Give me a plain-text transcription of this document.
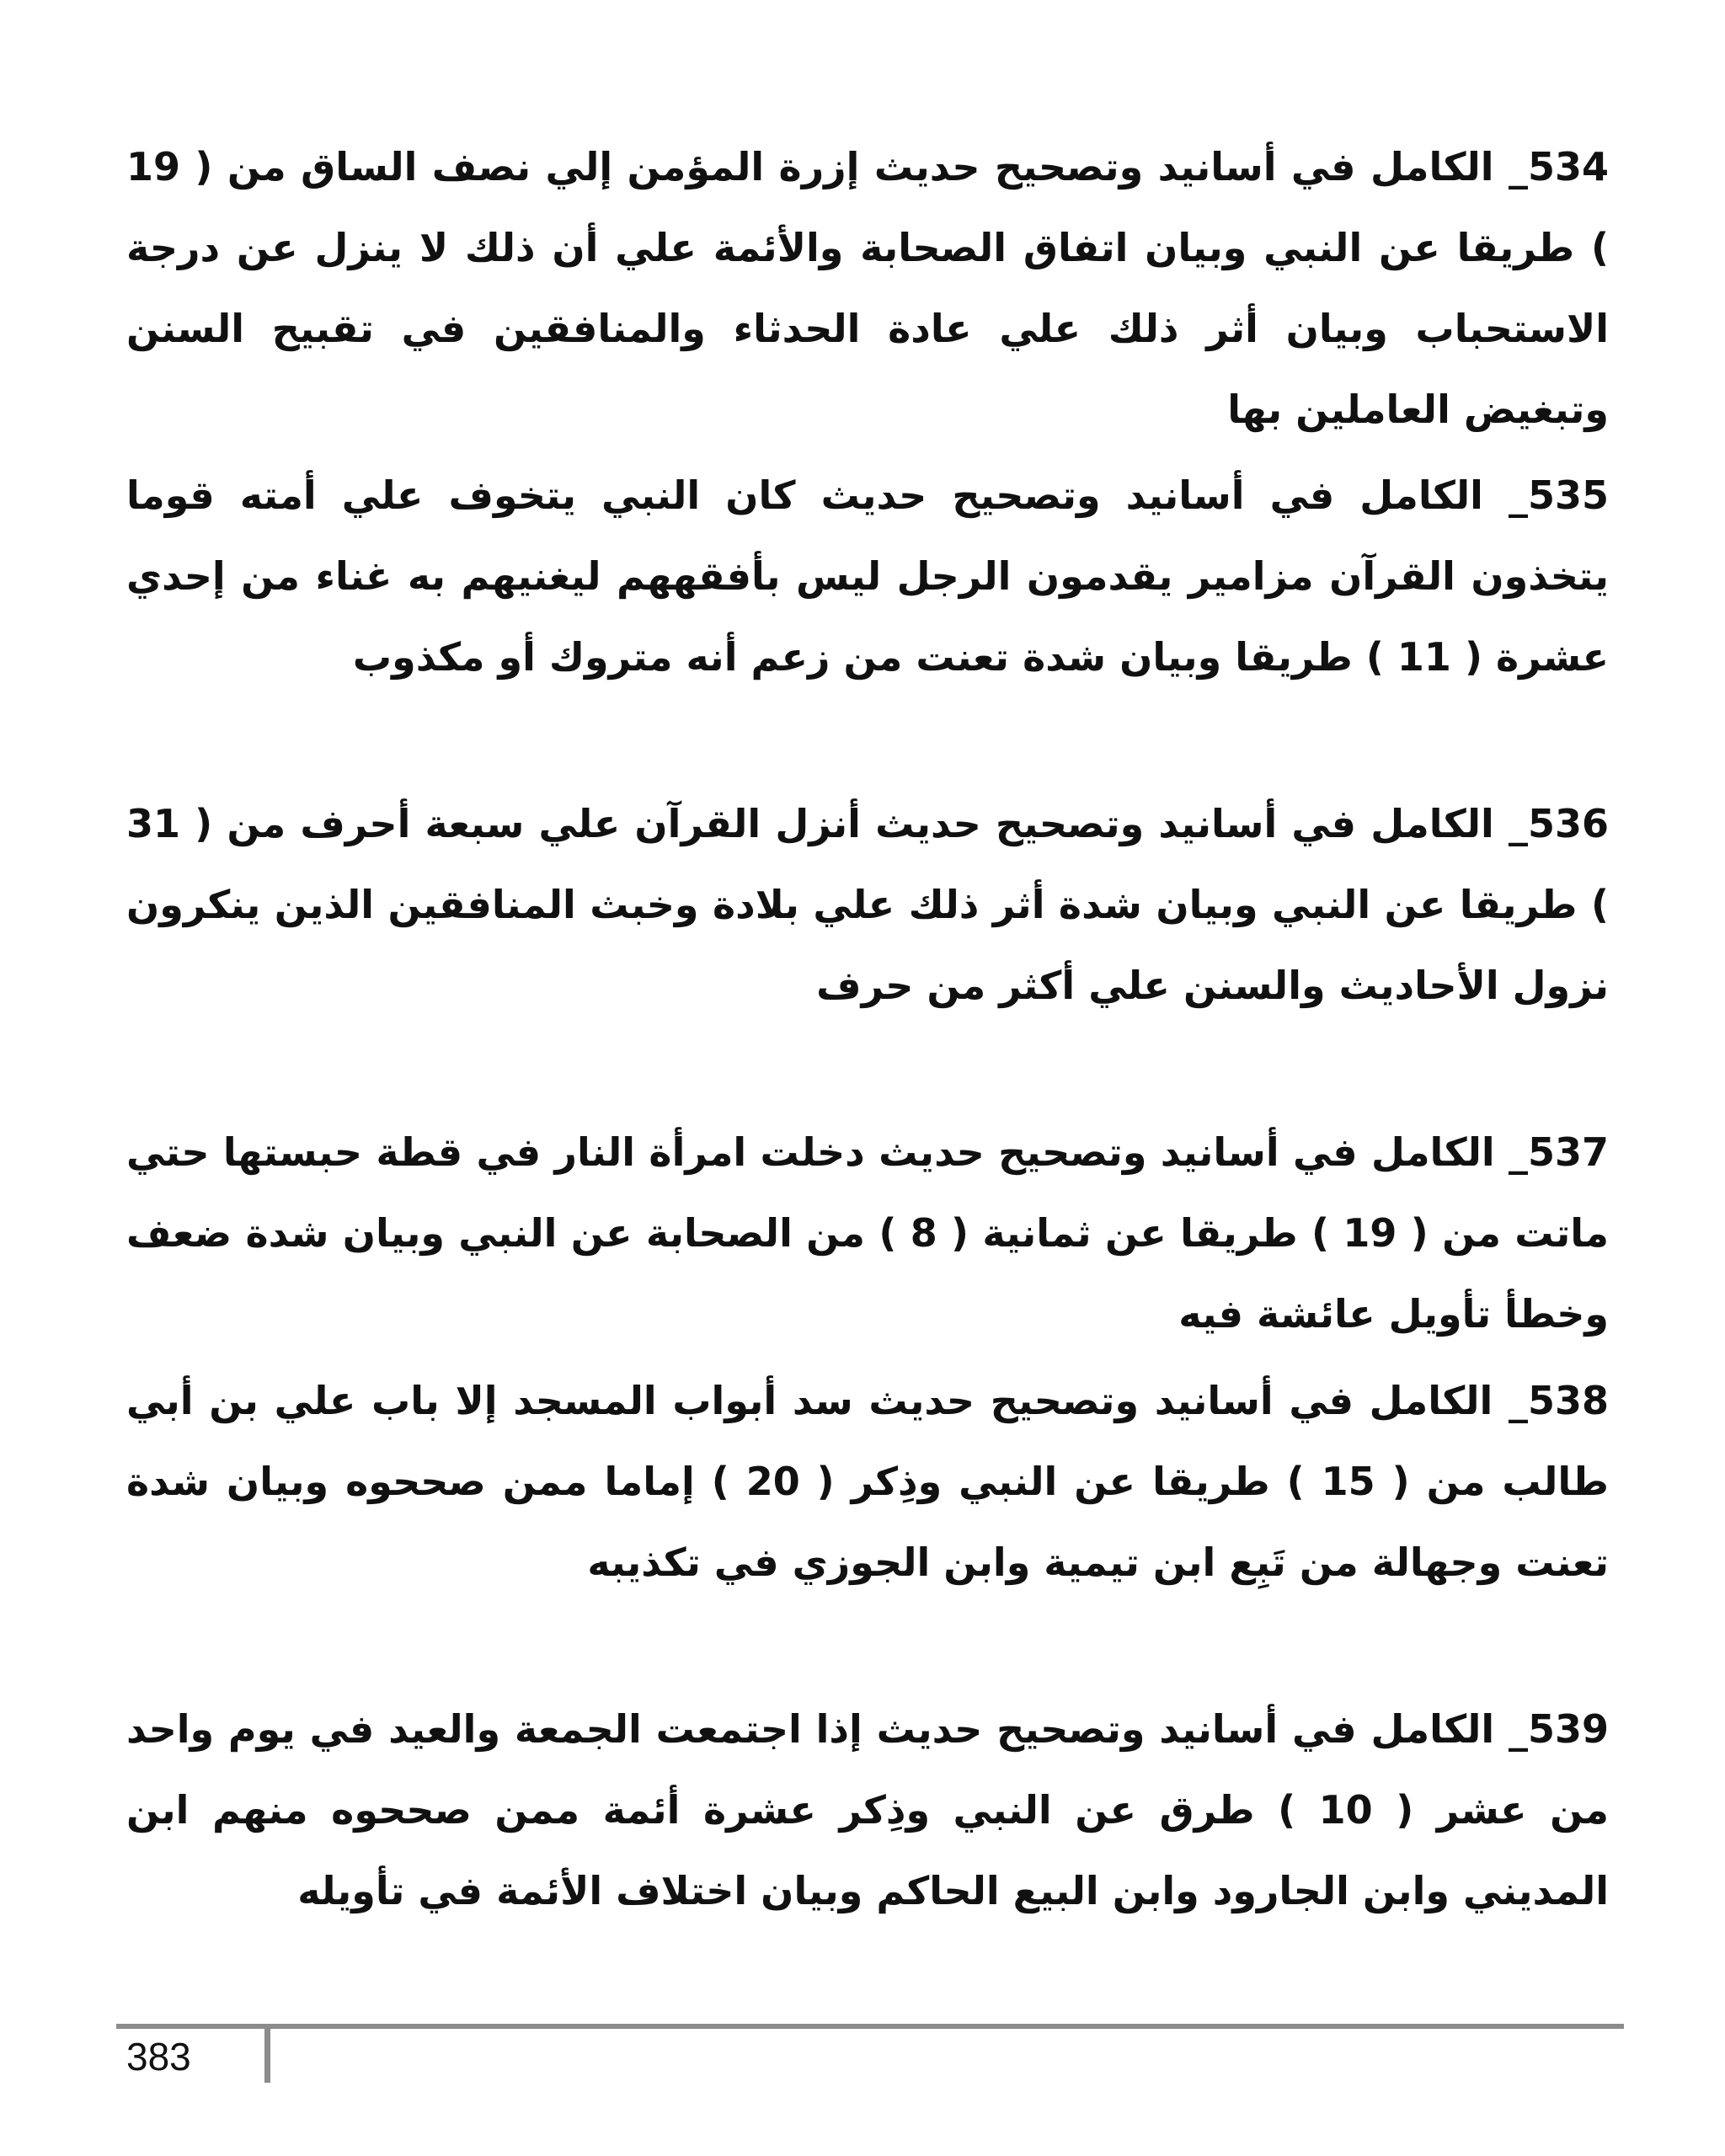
534_ الكامل في أسانيد وتصحيح حديث إزرة المؤمن إلي نصف الساق من ( 19 ) طريقا عن النبي وبيان اتفاق الصحابة والأئمة علي أن ذلك لا ينزل عن درجة الاستحباب وبيان أثر ذلك علي عادة الحدثاء والمنافقين في تقبيح السنن وتبغيض العاملين بها

535_ الكامل في أسانيد وتصحيح حديث كان النبي يتخوف علي أمته قوما يتخذون القرآن مزامير يقدمون الرجل ليس بأفقههم ليغنيهم به غناء من إحدي عشرة ( 11 ) طريقا وبيان شدة تعنت من زعم أنه متروك أو مكذوب

536_ الكامل في أسانيد وتصحيح حديث أنزل القرآن علي سبعة أحرف من ( 31 ) طريقا عن النبي وبيان شدة أثر ذلك علي بلادة وخبث المنافقين الذين ينكرون نزول الأحاديث والسنن علي أكثر من حرف

537_ الكامل في أسانيد وتصحيح حديث دخلت امرأة النار في قطة حبستها حتي ماتت من ( 19 ) طريقا عن ثمانية ( 8 ) من الصحابة عن النبي وبيان شدة ضعف وخطأ تأويل عائشة فيه

538_ الكامل في أسانيد وتصحيح حديث سد أبواب المسجد إلا باب علي بن أبي طالب من ( 15 ) طريقا عن النبي وذِكر ( 20 ) إماما ممن صححوه وبيان شدة تعنت وجهالة من تَبِع ابن تيمية وابن الجوزي في تكذيبه

539_ الكامل في أسانيد وتصحيح حديث إذا اجتمعت الجمعة والعيد في يوم واحد من عشر ( 10 ) طرق عن النبي وذِكر عشرة أئمة ممن صححوه منهم ابن المديني وابن الجارود وابن البيع الحاكم وبيان اختلاف الأئمة في تأويله

383
